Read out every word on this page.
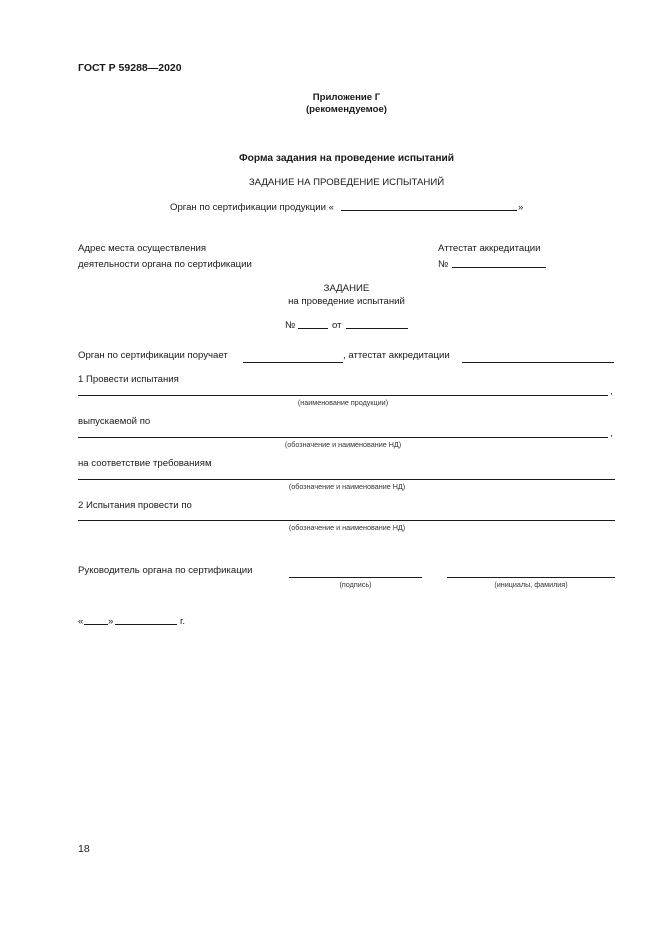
ГОСТ Р 59288—2020
Приложение Г
(рекомендуемое)
Форма задания на проведение испытаний
ЗАДАНИЕ НА ПРОВЕДЕНИЕ ИСПЫТАНИЙ
Орган по сертификации продукции «	»
Адрес места осуществления
деятельности органа по сертификации
Аттестат аккредитации
№
ЗАДАНИЕ
на проведение испытаний
№	от
Орган по сертификации поручает	, аттестат аккредитации
1 Провести испытания
,
(наименование продукции)
выпускаемой по
,
(обозначение и наименование НД)
на соответствие требованиям
(обозначение и наименование НД)
2 Испытания провести по
(обозначение и наименование НД)
Руководитель органа по сертификации
(подпись)	(инициалы, фамилия)
«	»	г.
18
